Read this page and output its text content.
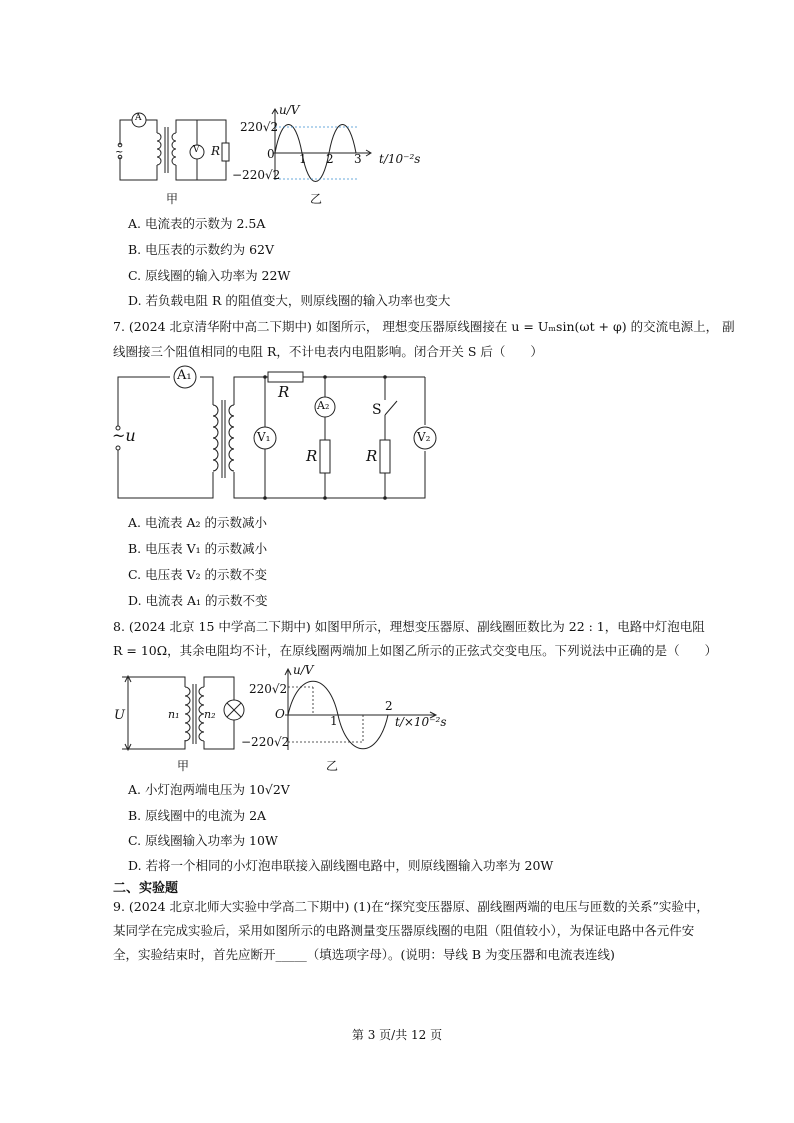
~
A
V R
甲
u/V
220√2
0 1 2 3 t/10⁻²s
−220√2
乙
A. 电流表的示数为 2.5A
B. 电压表的示数约为 62V
C. 原线圈的输入功率为 22W
D. 若负载电阻 R 的阻值变大，则原线圈的输入功率也变大
7. (2024 北京清华附中高二下期中) 如图所示， 理想变压器原线圈接在 u = Uₘsin(ωt + φ) 的交流电源上， 副
线圈接三个阻值相同的电阻 R，不计电表内电阻影响。闭合开关 S 后（　　）
A₁
R
A₂	S
V₁	V₂
R	R
~u
A. 电流表 A₂ 的示数减小
B. 电压表 V₁ 的示数减小
C. 电压表 V₂ 的示数不变
D. 电流表 A₁ 的示数不变
8. (2024 北京 15 中学高二下期中) 如图甲所示，理想变压器原、副线圈匝数比为 22 : 1，电路中灯泡电阻
R = 10Ω，其余电阻均不计，在原线圈两端加上如图乙所示的正弦式交变电压。下列说法中正确的是（　　）
U	n₁ n₂
甲
u/V
220√2
O	1
2
t/×10⁻²s
−220√2
乙
A. 小灯泡两端电压为 10√2V
B. 原线圈中的电流为 2A
C. 原线圈输入功率为 10W
D. 若将一个相同的小灯泡串联接入副线圈电路中，则原线圈输入功率为 20W
二、实验题
9. (2024 北京北师大实验中学高二下期中) (1)在“探究变压器原、副线圈两端的电压与匝数的关系”实验中，
某同学在完成实验后，采用如图所示的电路测量变压器原线圈的电阻（阻值较小），为保证电路中各元件安
全，实验结束时，首先应断开_____（填选项字母）。(说明：导线 B 为变压器和电流表连线)
第 3 页/共 12 页
